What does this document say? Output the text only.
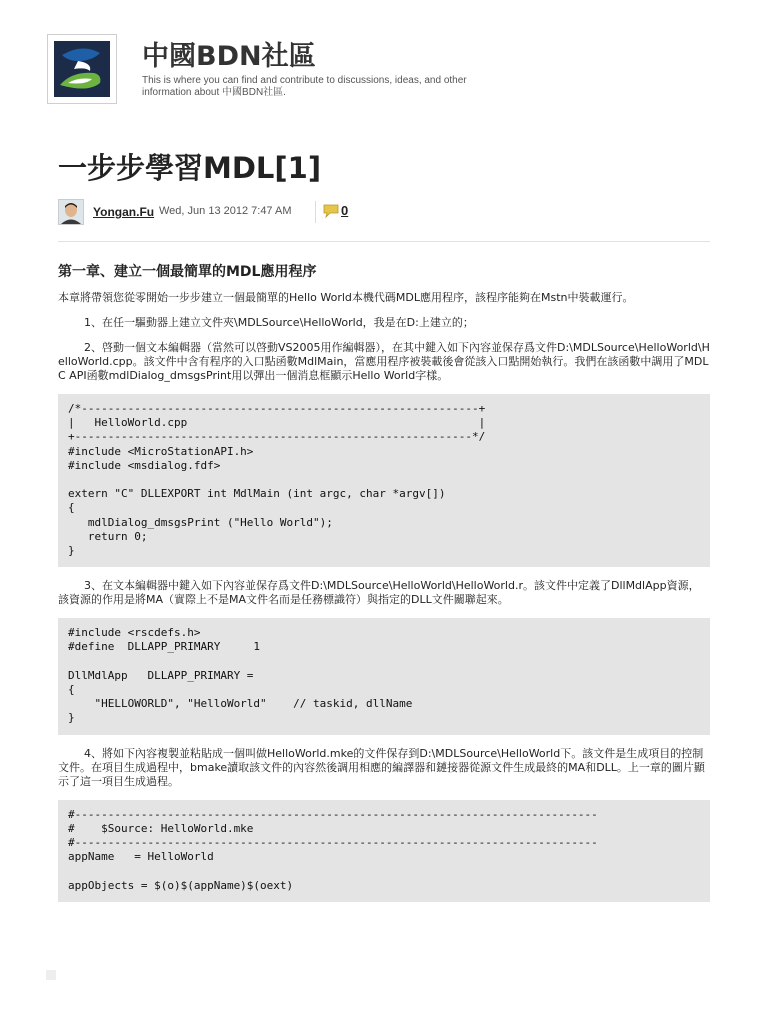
中國BDN社區
This is where you can find and contribute to discussions, ideas, and other information about 中國BDN社區.
一步步學習MDL[1]
Yongan.Fu Wed, Jun 13 2012 7:47 AM	0
第一章、建立一個最簡單的MDL應用程序
本章將帶領您從零開始一步步建立一個最簡單的Hello World本機代碼MDL應用程序，該程序能夠在Mstn中裝載運行。
1、在任一驅動器上建立文件夾\MDLSource\HelloWorld，我是在D:上建立的；
2、啓動一個文本編輯器（當然可以啓動VS2005用作編輯器），在其中鍵入如下內容並保存爲文件D:\MDLSource\HelloWorld\HelloWorld.cpp。該文件中含有程序的入口點函數MdlMain，當應用程序被裝載後會從該入口點開始執行。我們在該函數中調用了MDL C API函數mdlDialog_dmsgsPrint用以彈出一個消息框顯示Hello World字樣。
/*------------------------------------------------------------+
|   HelloWorld.cpp                                            |
+------------------------------------------------------------*/
#include <MicroStationAPI.h>
#include <msdialog.fdf>

extern "C" DLLEXPORT int MdlMain (int argc, char *argv[])
{
mdlDialog_dmsgsPrint ("Hello World");
return 0;
}
3、在文本編輯器中鍵入如下內容並保存爲文件D:\MDLSource\HelloWorld\HelloWorld.r。該文件中定義了DllMdlApp資源，該資源的作用是將MA（實際上不是MA文件名而是任務標識符）與指定的DLL文件關聯起來。
#include <rscdefs.h>
#define  DLLAPP_PRIMARY     1

DllMdlApp   DLLAPP_PRIMARY =
{
"HELLOWORLD", "HelloWorld"    // taskid, dllName
}
4、將如下內容複製並粘貼成一個叫做HelloWorld.mke的文件保存到D:\MDLSource\HelloWorld下。該文件是生成項目的控制文件。在項目生成過程中，bmake讀取該文件的內容然後調用相應的編譯器和鏈接器從源文件生成最終的MA和DLL。上一章的圖片顯示了這一項目生成過程。
#-------------------------------------------------------------------------------
#    $Source: HelloWorld.mke
#-------------------------------------------------------------------------------
appName   = HelloWorld

appObjects = $(o)$(appName)$(oext)
